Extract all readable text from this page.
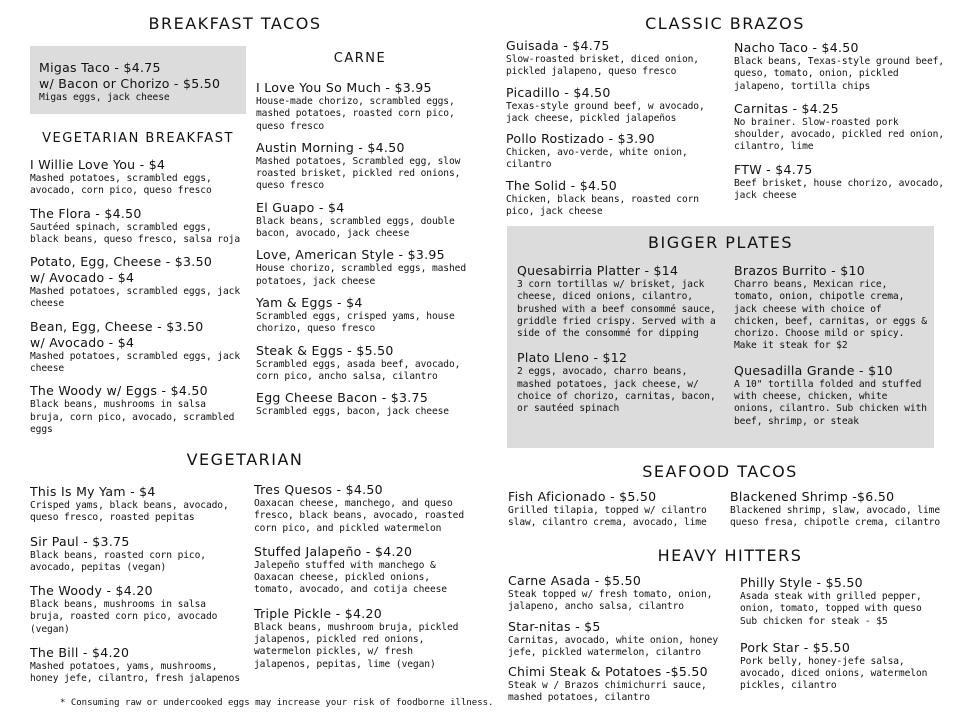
BREAKFAST TACOS
Migas Taco - $4.75
w/ Bacon or Chorizo - $5.50
Migas eggs, jack cheese
VEGETARIAN BREAKFAST
I Willie Love You - $4
Mashed potatoes, scrambled eggs, avocado, corn pico, queso fresco
The Flora - $4.50
Sautéed spinach, scrambled eggs, black beans, queso fresco, salsa roja
Potato, Egg, Cheese - $3.50
w/ Avocado - $4
Mashed potatoes, scrambled eggs, jack cheese
Bean, Egg, Cheese - $3.50
w/ Avocado - $4
Mashed potatoes, scrambled eggs, jack cheese
The Woody w/ Eggs - $4.50
Black beans, mushrooms in salsa bruja, corn pico, avocado, scrambled eggs
CARNE
I Love You So Much - $3.95
House-made chorizo, scrambled eggs, mashed potatoes, roasted corn pico, queso fresco
Austin Morning - $4.50
Mashed potatoes, Scrambled egg, slow roasted brisket, pickled red onions, queso fresco
El Guapo - $4
Black beans, scrambled eggs, double bacon, avocado, jack cheese
Love, American Style - $3.95
House chorizo, scrambled eggs, mashed potatoes, jack cheese
Yam & Eggs - $4
Scrambled eggs, crisped yams, house chorizo, queso fresco
Steak & Eggs - $5.50
Scrambled eggs, asada beef, avocado, corn pico, ancho salsa, cilantro
Egg Cheese Bacon - $3.75
Scrambled eggs, bacon, jack cheese
VEGETARIAN
This Is My Yam - $4
Crisped yams, black beans, avocado, queso fresco, roasted pepitas
Sir Paul - $3.75
Black beans, roasted corn pico, avocado, pepitas (vegan)
The Woody - $4.20
Black beans, mushrooms in salsa bruja, roasted corn pico, avocado (vegan)
The Bill - $4.20
Mashed potatoes, yams, mushrooms, honey jefe, cilantro, fresh jalapenos
Tres Quesos - $4.50
Oaxacan cheese, manchego, and queso fresco, black beans, avocado, roasted corn pico, and pickled watermelon
Stuffed Jalapeño - $4.20
Jalepeño stuffed with manchego & Oaxacan cheese, pickled onions, tomato, avocado, and cotija cheese
Triple Pickle - $4.20
Black beans, mushroom bruja, pickled jalapenos, pickled red onions, watermelon pickles, w/ fresh jalapenos, pepitas, lime (vegan)
* Consuming raw or undercooked eggs may increase your risk of foodborne illness.
CLASSIC BRAZOS
Guisada - $4.75
Slow-roasted brisket, diced onion, pickled jalapeno, queso fresco
Picadillo - $4.50
Texas-style ground beef, w avocado, jack cheese, pickled jalapeños
Pollo Rostizado - $3.90
Chicken, avo-verde, white onion, cilantro
The Solid - $4.50
Chicken, black beans, roasted corn pico, jack cheese
Nacho Taco - $4.50
Black beans, Texas-style ground beef, queso, tomato, onion, pickled jalapeno, tortilla chips
Carnitas - $4.25
No brainer. Slow-roasted pork shoulder, avocado, pickled red onion, cilantro, lime
FTW - $4.75
Beef brisket, house chorizo, avocado, jack cheese
BIGGER PLATES
Quesabirria Platter - $14
3 corn tortillas w/ brisket, jack cheese, diced onions, cilantro, brushed with a beef consommé sauce, griddle fried crispy. Served with a side of the consommé for dipping
Plato Lleno - $12
2 eggs, avocado, charro beans, mashed potatoes, jack cheese, w/ choice of chorizo, carnitas, bacon, or sautéed spinach
Brazos Burrito - $10
Charro beans, Mexican rice, tomato, onion, chipotle crema, jack cheese with choice of chicken, beef, carnitas, or eggs & chorizo. Choose mild or spicy. Make it steak for $2
Quesadilla Grande - $10
A 10" tortilla folded and stuffed with cheese, chicken, white onions, cilantro. Sub chicken with beef, shrimp, or steak
SEAFOOD TACOS
Fish Aficionado - $5.50
Grilled tilapia, topped w/ cilantro slaw, cilantro crema, avocado, lime
Blackened Shrimp -$6.50
Blackened shrimp, slaw, avocado, lime queso fresa, chipotle crema, cilantro
HEAVY HITTERS
Carne Asada - $5.50
Steak topped w/ fresh tomato, onion, jalapeno, ancho salsa, cilantro
Star-nitas - $5
Carnitas, avocado, white onion, honey jefe, pickled watermelon, cilantro
Chimi Steak & Potatoes -$5.50
Steak w / Brazos chimichurri sauce, mashed potatoes, cilantro
Philly Style - $5.50
Asada steak with grilled pepper, onion, tomato, topped with queso
Sub chicken for steak - $5
Pork Star - $5.50
Pork belly, honey-jefe salsa, avocado, diced onions, watermelon pickles, cilantro
